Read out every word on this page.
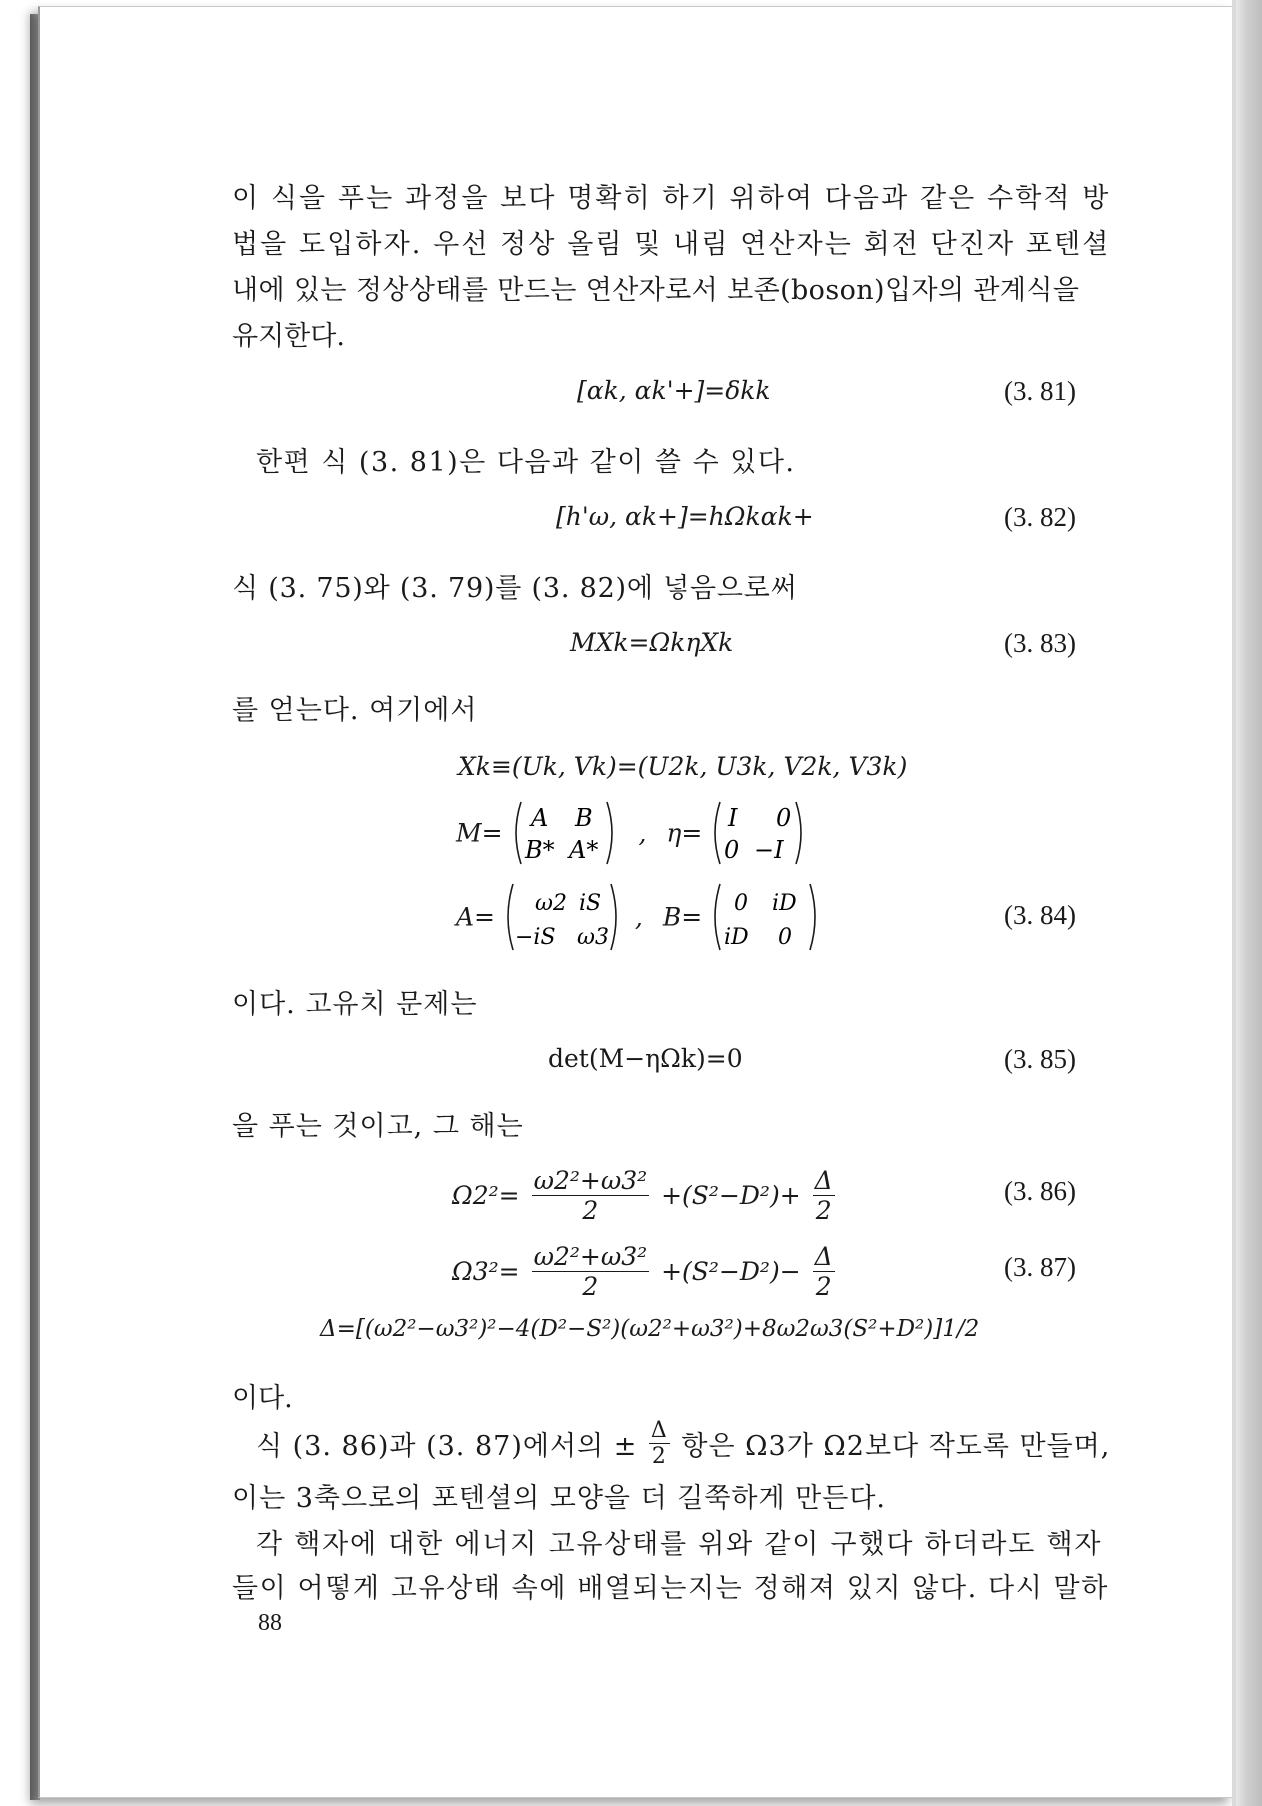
이 식을 푸는 과정을 보다 명확히 하기 위하여 다음과 같은 수학적 방
법을 도입하자. 우선 정상 올림 및 내림 연산자는 회전 단진자 포텐셜
내에 있는 정상상태를 만드는 연산자로서 보존(boson)입자의 관계식을
유지한다.
[αk, αk'+]=δkk	(3. 81)
한편 식 (3. 81)은 다음과 같이 쓸 수 있다.
[h'ω, αk+]=hΩkαk+	(3. 82)
식 (3. 75)와 (3. 79)를 (3. 82)에 넣음으로써
MXk=ΩkηXk	(3. 83)
를 얻는다. 여기에서
Xk≡(Uk, Vk)=(U2k, U3k, V2k, V3k)
M=
A B
B* A*
, η=
I 0
0 −I
A= ω2 iS
−iS ω3
, B= 0 iD
iD 0
(3. 84)
이다. 고유치 문제는
det(M−ηΩk)=0	(3. 85)
을 푸는 것이고, 그 해는
$\Omega 2^2= \frac{\text{ω2²+ω3²}}{2} +(S^2-D^2)+ \frac{\Delta}{2}$	(3. 86)
$\Omega 3^2= \frac{\text{ω2²+ω3²}}{2} +(S^2-D^2)- \frac{\Delta}{2}$	(3. 87)
Δ=[(ω2²−ω3²)²−4(D²−S²)(ω2²+ω3²)+8ω2ω3(S²+D²)]1/2
이다.
식 (3. 86)과 (3. 87)에서의 ± $\frac{\Delta}{2}$ 항은 Ω3가 Ω2보다 작도록 만들며,
이는 3축으로의 포텐셜의 모양을 더 길쭉하게 만든다.
각 핵자에 대한 에너지 고유상태를 위와 같이 구했다 하더라도 핵자
들이 어떻게 고유상태 속에 배열되는지는 정해져 있지 않다. 다시 말하
88
